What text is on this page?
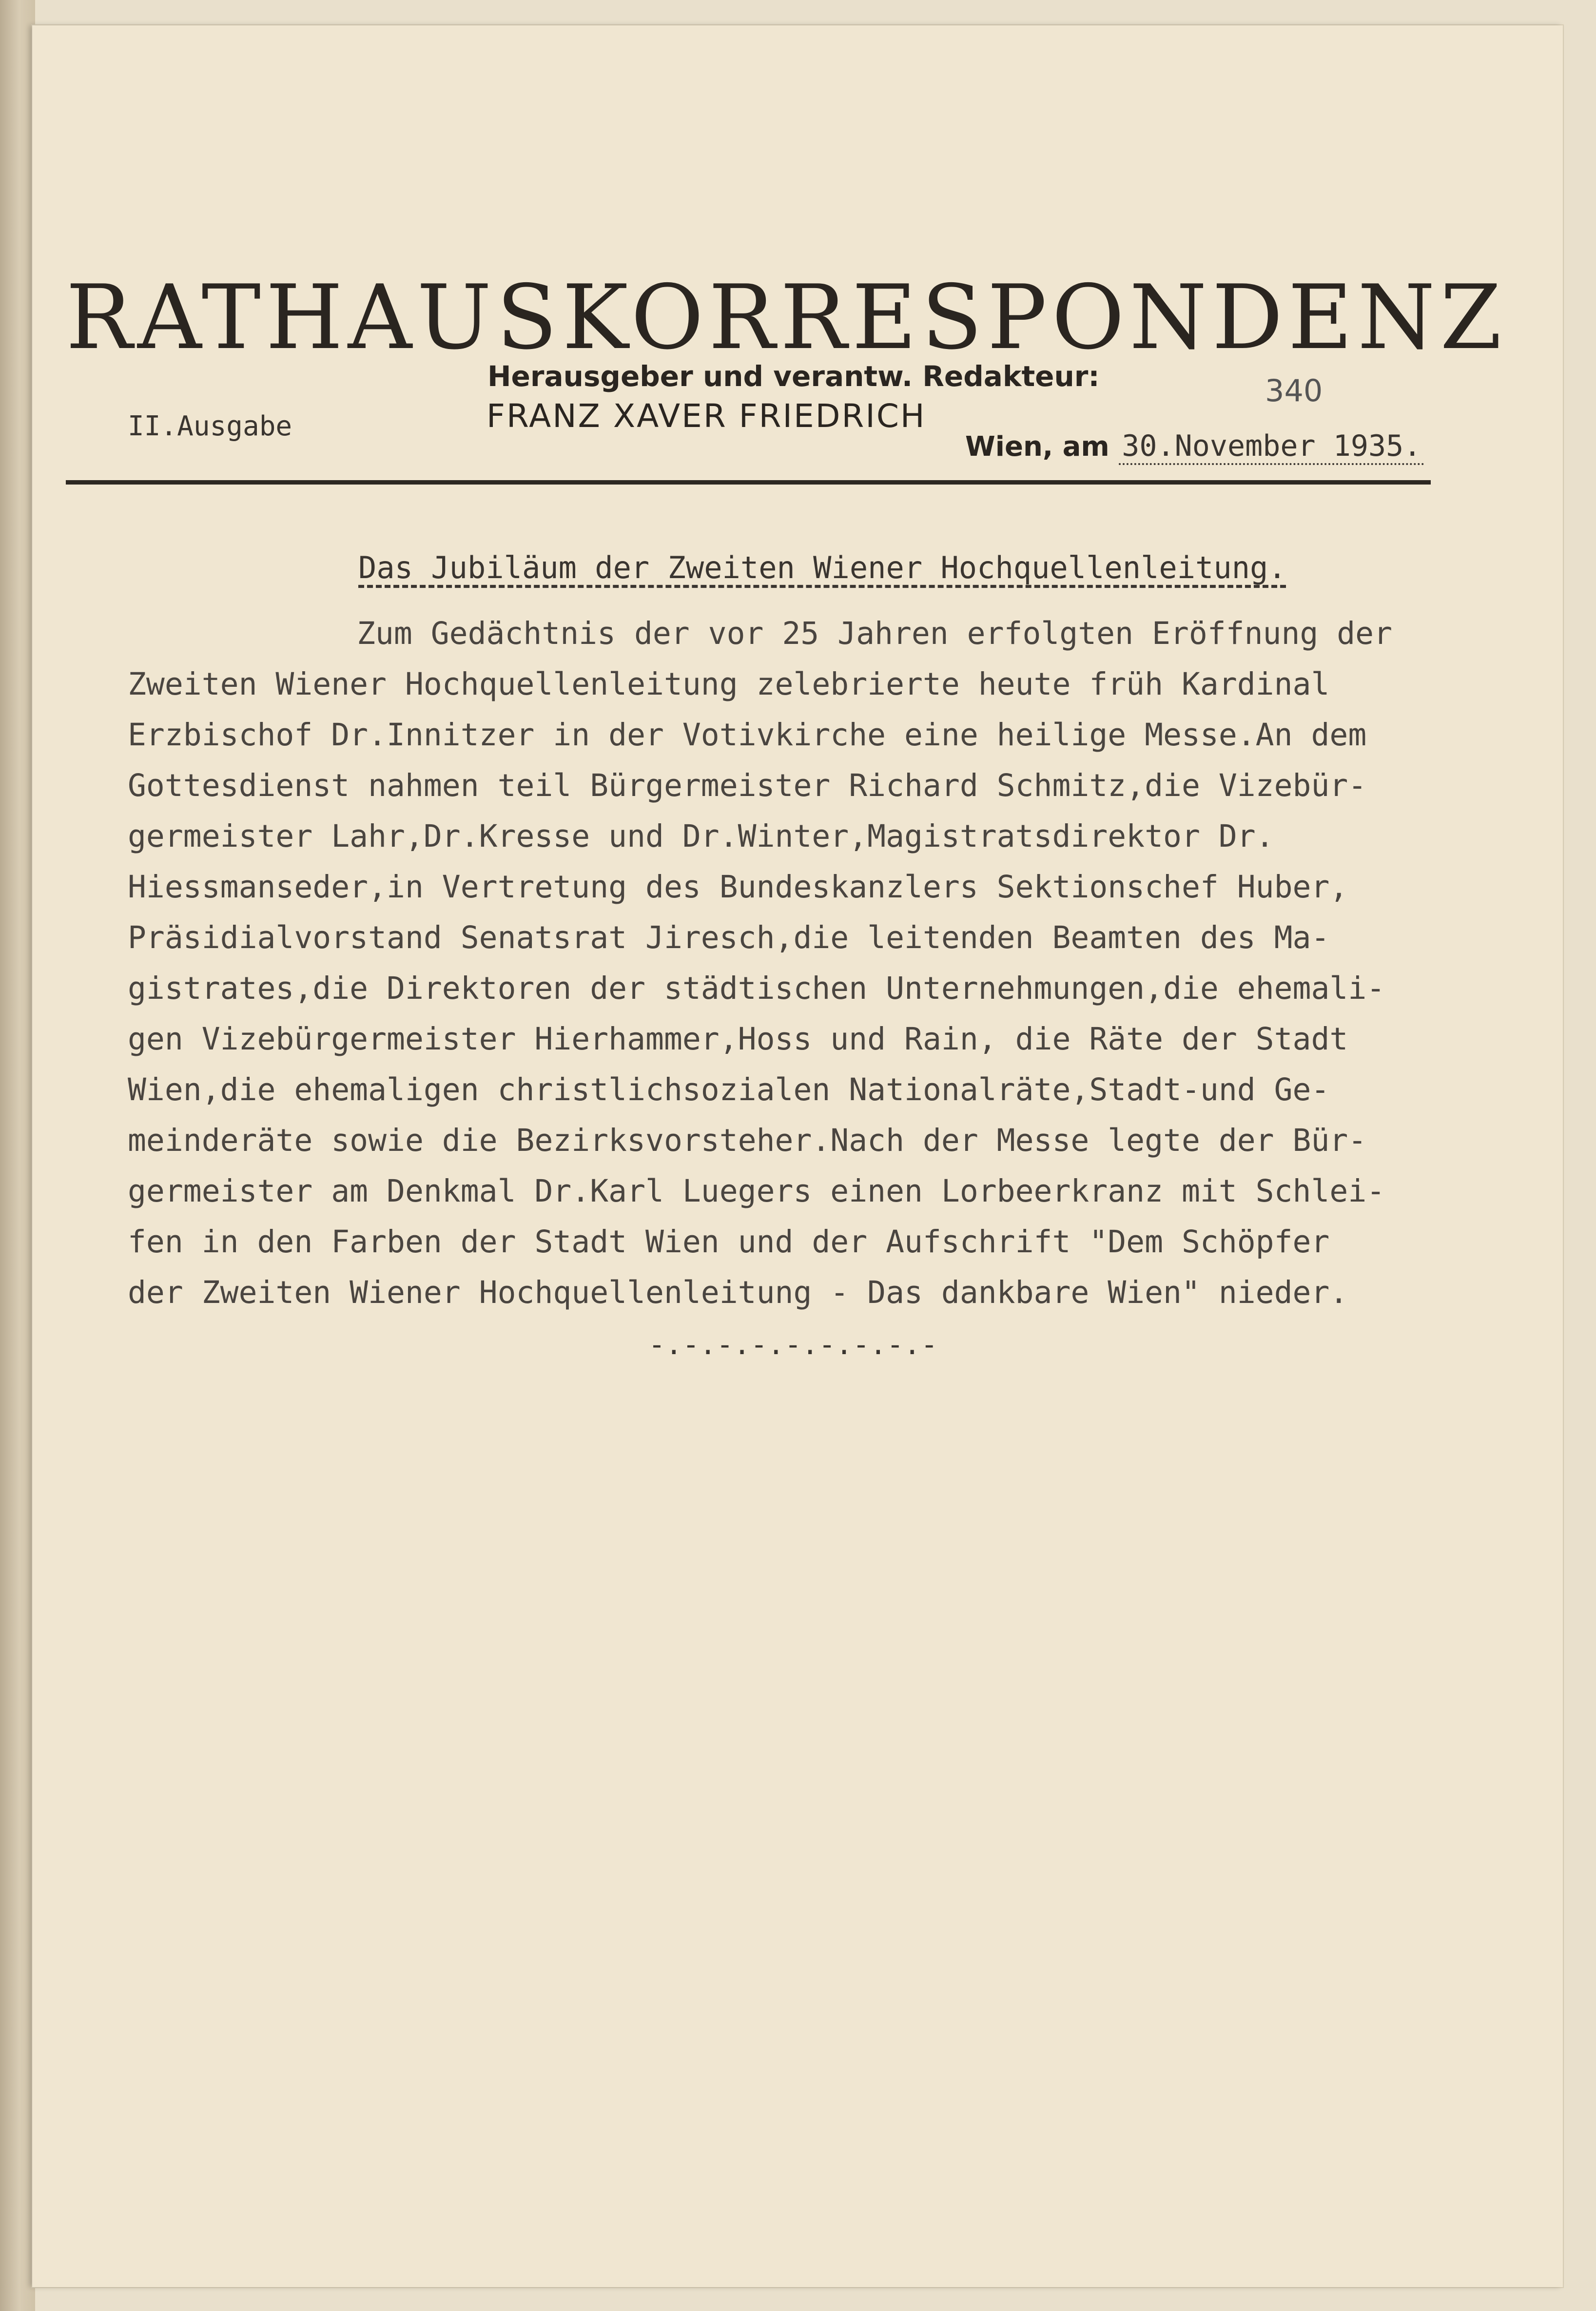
RATHAUSKORRESPONDENZ
Herausgeber und verantw. Redakteur:
FRANZ XAVER FRIEDRICH
II.Ausgabe
340
Wien, am 30.November 1935.
Das Jubiläum der Zweiten Wiener Hochquellenleitung.

Zum Gedächtnis der vor 25 Jahren erfolgten Eröffnung der

Zweiten Wiener Hochquellenleitung zelebrierte heute früh Kardinal

Erzbischof Dr.Innitzer in der Votivkirche eine heilige Messe.An dem

Gottesdienst nahmen teil Bürgermeister Richard Schmitz,die Vizebür-

germeister Lahr,Dr.Kresse und Dr.Winter,Magistratsdirektor Dr.

Hiessmanseder,in Vertretung des Bundeskanzlers Sektionschef Huber,

Präsidialvorstand Senatsrat Jiresch,die leitenden Beamten des Ma-

gistrates,die Direktoren der städtischen Unternehmungen,die ehemali-

gen Vizebürgermeister Hierhammer,Hoss und Rain, die Räte der Stadt

Wien,die ehemaligen christlichsozialen Nationalräte,Stadt-und Ge-

meinderäte sowie die Bezirksvorsteher.Nach der Messe legte der Bür-

germeister am Denkmal Dr.Karl Luegers einen Lorbeerkranz mit Schlei-

fen in den Farben der Stadt Wien und der Aufschrift "Dem Schöpfer

der Zweiten Wiener Hochquellenleitung - Das dankbare Wien" nieder.

-.-.-.-.-.-.-.-.-
